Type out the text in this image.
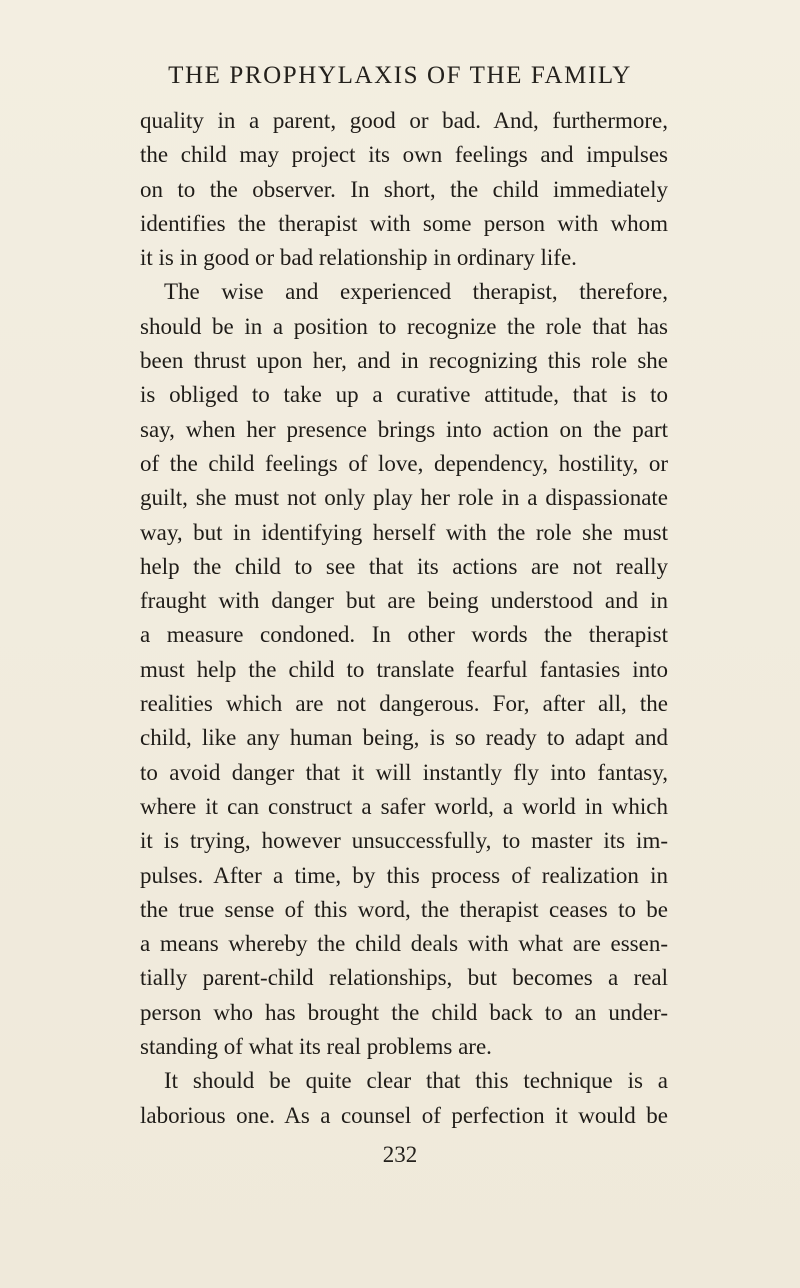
THE PROPHYLAXIS OF THE FAMILY
quality in a parent, good or bad. And, furthermore,
the child may project its own feelings and impulses
on to the observer. In short, the child immediately
identifies the therapist with some person with whom
it is in good or bad relationship in ordinary life.
The wise and experienced therapist, therefore,
should be in a position to recognize the role that has
been thrust upon her, and in recognizing this role she
is obliged to take up a curative attitude, that is to
say, when her presence brings into action on the part
of the child feelings of love, dependency, hostility, or
guilt, she must not only play her role in a dispassionate
way, but in identifying herself with the role she must
help the child to see that its actions are not really
fraught with danger but are being understood and in
a measure condoned. In other words the therapist
must help the child to translate fearful fantasies into
realities which are not dangerous. For, after all, the
child, like any human being, is so ready to adapt and
to avoid danger that it will instantly fly into fantasy,
where it can construct a safer world, a world in which
it is trying, however unsuccessfully, to master its im-
pulses. After a time, by this process of realization in
the true sense of this word, the therapist ceases to be
a means whereby the child deals with what are essen-
tially parent-child relationships, but becomes a real
person who has brought the child back to an under-
standing of what its real problems are.
It should be quite clear that this technique is a
laborious one. As a counsel of perfection it would be
232
